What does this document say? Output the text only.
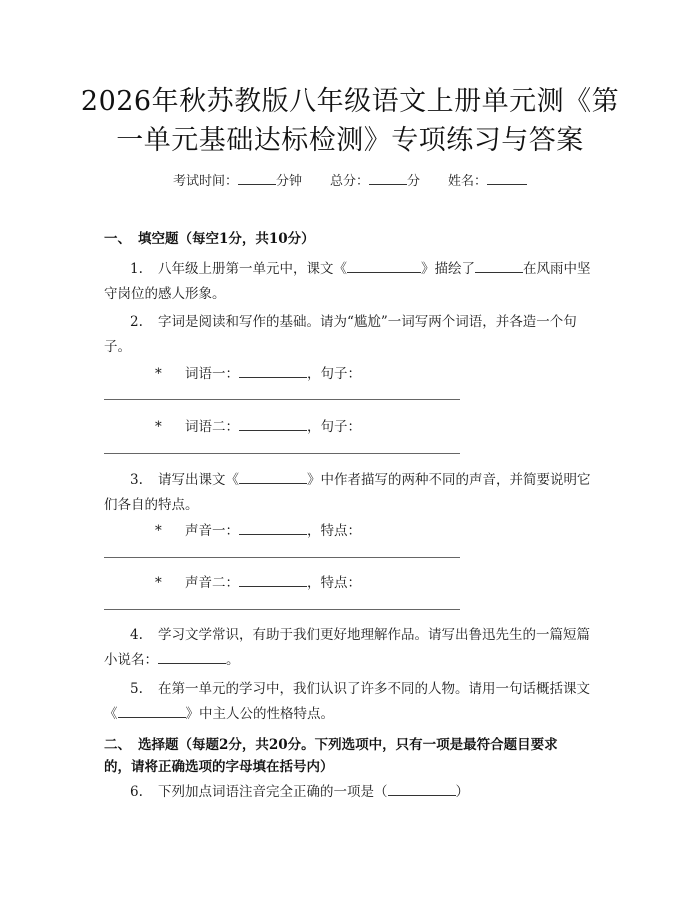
2026年秋苏教版八年级语文上册单元测《第
一单元基础达标检测》专项练习与答案
考试时间：	分钟 总分：	分 姓名：
一、 填空题（每空1分，共10分）
1. 八年级上册第一单元中，课文《	》描绘了	在风雨中坚
守岗位的感人形象。
2. 字词是阅读和写作的基础。请为“尴尬”一词写两个词语，并各造一个句
子。
* 词语一：	，句子：
* 词语二：	，句子：
3. 请写出课文《	》中作者描写的两种不同的声音，并简要说明它
们各自的特点。
* 声音一：	，特点：
* 声音二：	，特点：
4. 学习文学常识，有助于我们更好地理解作品。请写出鲁迅先生的一篇短篇
小说名：	。
5. 在第一单元的学习中，我们认识了许多不同的人物。请用一句话概括课文
《	》中主人公的性格特点。
二、 选择题（每题2分，共20分。下列选项中，只有一项是最符合题目要求
的，请将正确选项的字母填在括号内）
6. 下列加点词语注音完全正确的一项是（	）
